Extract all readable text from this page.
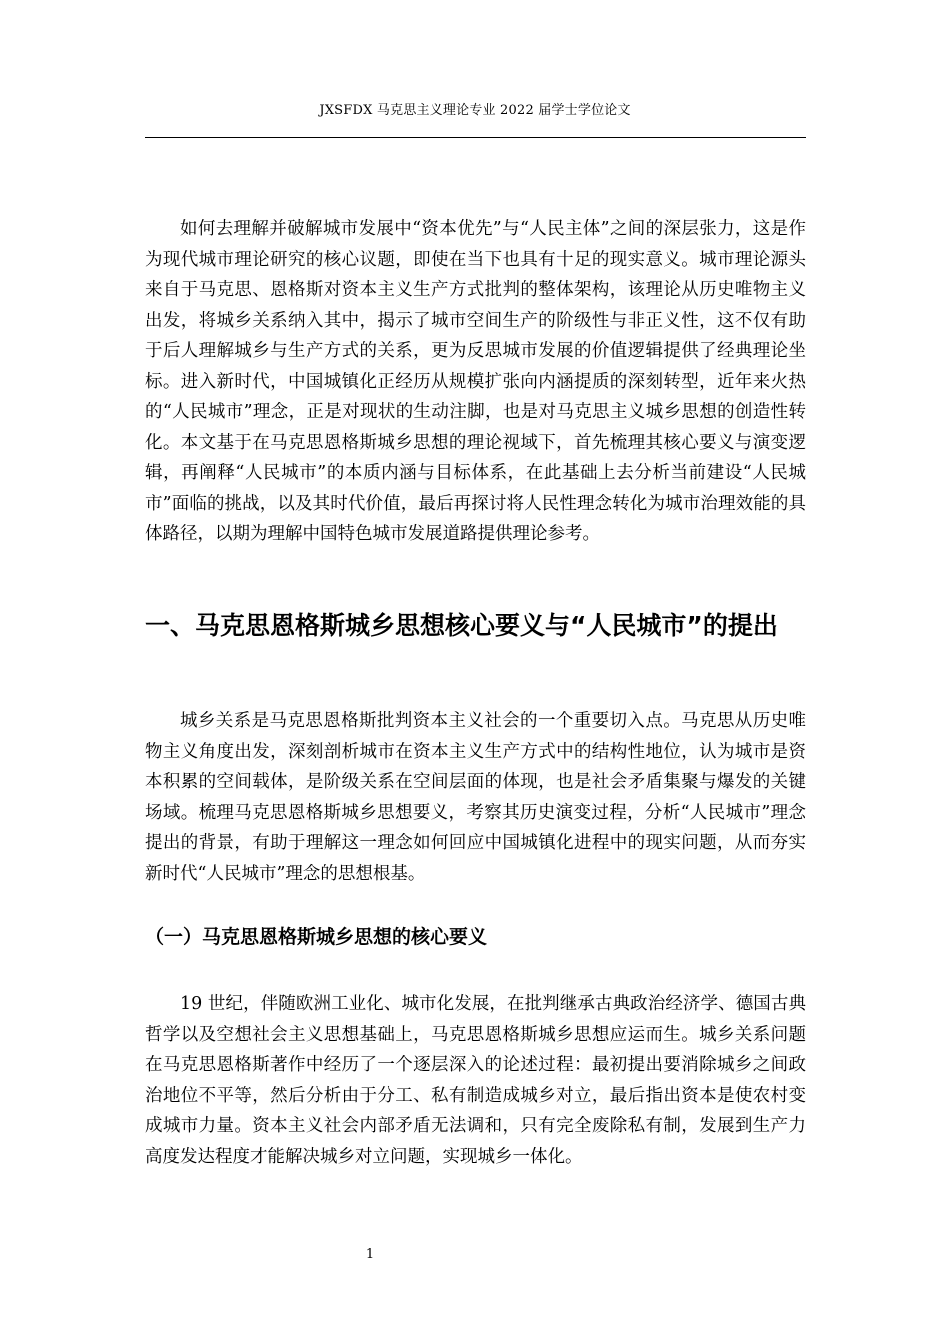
JXSFDX 马克思主义理论专业 2022 届学士学位论文

如何去理解并破解城市发展中“资本优先”与“人民主体”之间的深层张力，这是作为现代城市理论研究的核心议题，即使在当下也具有十足的现实意义。城市理论源头来自于马克思、恩格斯对资本主义生产方式批判的整体架构，该理论从历史唯物主义出发，将城乡关系纳入其中，揭示了城市空间生产的阶级性与非正义性，这不仅有助于后人理解城乡与生产方式的关系，更为反思城市发展的价值逻辑提供了经典理论坐标。进入新时代，中国城镇化正经历从规模扩张向内涵提质的深刻转型，近年来火热的“人民城市”理念，正是对现状的生动注脚，也是对马克思主义城乡思想的创造性转化。本文基于在马克思恩格斯城乡思想的理论视域下，首先梳理其核心要义与演变逻辑，再阐释“人民城市”的本质内涵与目标体系，在此基础上去分析当前建设“人民城市”面临的挑战，以及其时代价值，最后再探讨将人民性理念转化为城市治理效能的具体路径，以期为理解中国特色城市发展道路提供理论参考。

一、马克思恩格斯城乡思想核心要义与“人民城市”的提出

城乡关系是马克思恩格斯批判资本主义社会的一个重要切入点。马克思从历史唯物主义角度出发，深刻剖析城市在资本主义生产方式中的结构性地位，认为城市是资本积累的空间载体，是阶级关系在空间层面的体现，也是社会矛盾集聚与爆发的关键场域。梳理马克思恩格斯城乡思想要义，考察其历史演变过程，分析“人民城市”理念提出的背景，有助于理解这一理念如何回应中国城镇化进程中的现实问题，从而夯实新时代“人民城市”理念的思想根基。

（一）马克思恩格斯城乡思想的核心要义

19 世纪，伴随欧洲工业化、城市化发展，在批判继承古典政治经济学、德国古典哲学以及空想社会主义思想基础上，马克思恩格斯城乡思想应运而生。城乡关系问题在马克思恩格斯著作中经历了一个逐层深入的论述过程：最初提出要消除城乡之间政治地位不平等，然后分析由于分工、私有制造成城乡对立，最后指出资本是使农村变成城市力量。资本主义社会内部矛盾无法调和，只有完全废除私有制，发展到生产力高度发达程度才能解决城乡对立问题，实现城乡一体化。

1
